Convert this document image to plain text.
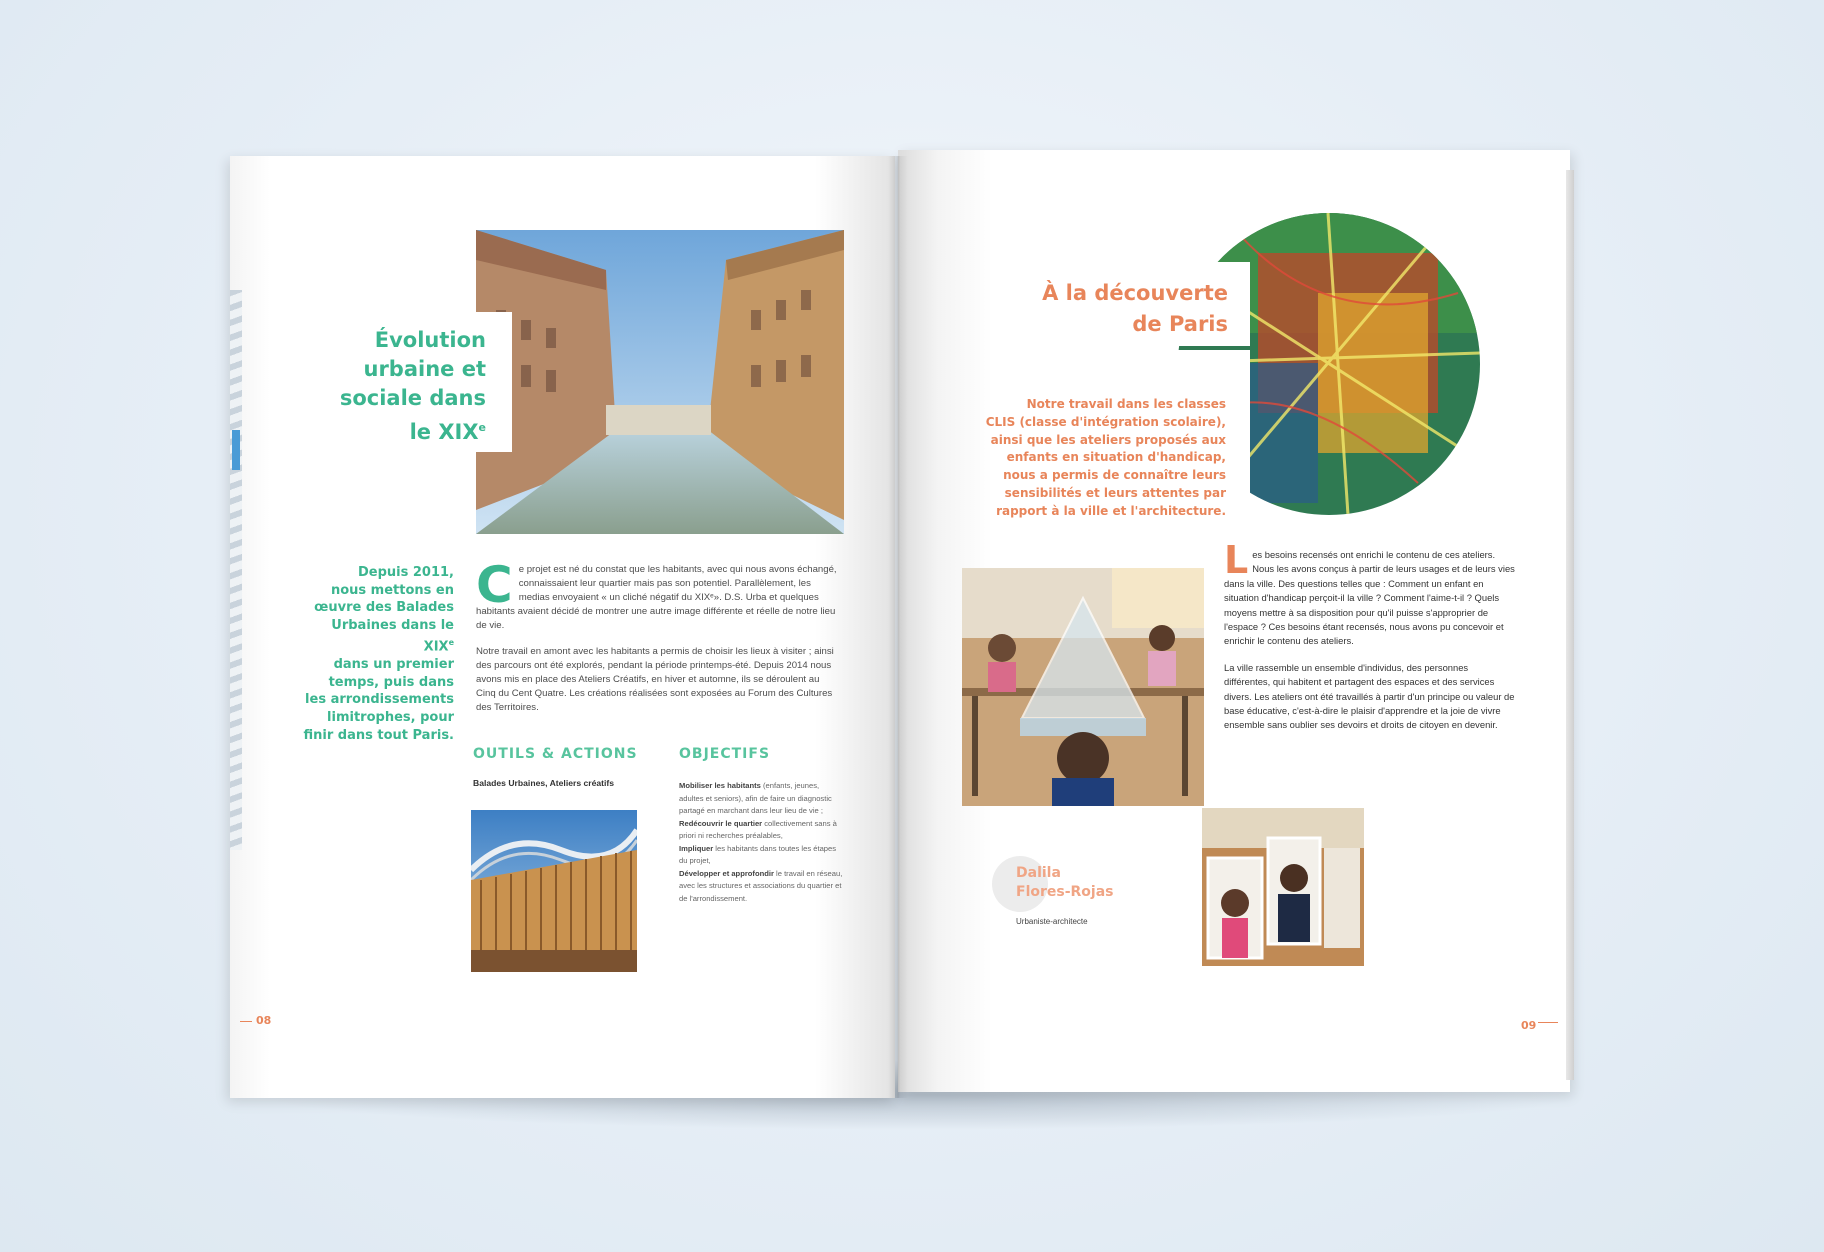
Évolution
urbaine et
sociale dans
le XIXe
Depuis 2011,
nous mettons en
œuvre des Balades
Urbaines dans le XIXe
dans un premier
temps, puis dans
les arrondissements
limitrophes, pour
finir dans tout Paris.
C e projet est né du constat que les habitants, avec qui nous avons échangé, connaissaient leur quartier mais pas son potentiel. Parallèlement, les medias envoyaient « un cliché négatif du XIXᵉ». D.S. Urba et quelques habitants avaient décidé de montrer une autre image différente et réelle de notre lieu de vie.
Notre travail en amont avec les habitants a permis de choisir les lieux à visiter ; ainsi des parcours ont été explorés, pendant la période printemps-été. Depuis 2014 nous avons mis en place des Ateliers Créatifs, en hiver et automne, ils se déroulent au Cinq du Cent Quatre. Les créations réalisées sont exposées au Forum des Cultures des Territoires.
OUTILS & ACTIONS
Balades Urbaines, Ateliers créatifs
OBJECTIFS
Mobiliser les habitants (enfants, jeunes, adultes et seniors), afin de faire un diagnostic partagé en marchant dans leur lieu de vie ;
Redécouvrir le quartier collectivement sans à priori ni recherches préalables,
Impliquer les habitants dans toutes les étapes du projet,
Développer et approfondir le travail en réseau, avec les structures et associations du quartier et de l'arrondissement.
08
À la découverte
de Paris
Notre travail dans les classes
CLIS (classe d'intégration scolaire),
ainsi que les ateliers proposés aux
enfants en situation d'handicap,
nous a permis de connaître leurs
sensibilités et leurs attentes par
rapport à la ville et l'architecture.
L es besoins recensés ont enrichi le contenu de ces ateliers. Nous les avons conçus à partir de leurs usages et de leurs vies dans la ville. Des questions telles que : Comment un enfant en situation d'handicap perçoit-il la ville ? Comment l'aime-t-il ? Quels moyens mettre à sa disposition pour qu'il puisse s'approprier de l'espace ? Ces besoins étant recensés, nous avons pu concevoir et enrichir le contenu des ateliers.
La ville rassemble un ensemble d'individus, des personnes différentes, qui habitent et partagent des espaces et des services divers. Les ateliers ont été travaillés à partir d'un principe ou valeur de base éducative, c'est-à-dire le plaisir d'apprendre et la joie de vivre ensemble sans oublier ses devoirs et droits de citoyen en devenir.
Dalila
Flores-Rojas
Urbaniste-architecte
09
